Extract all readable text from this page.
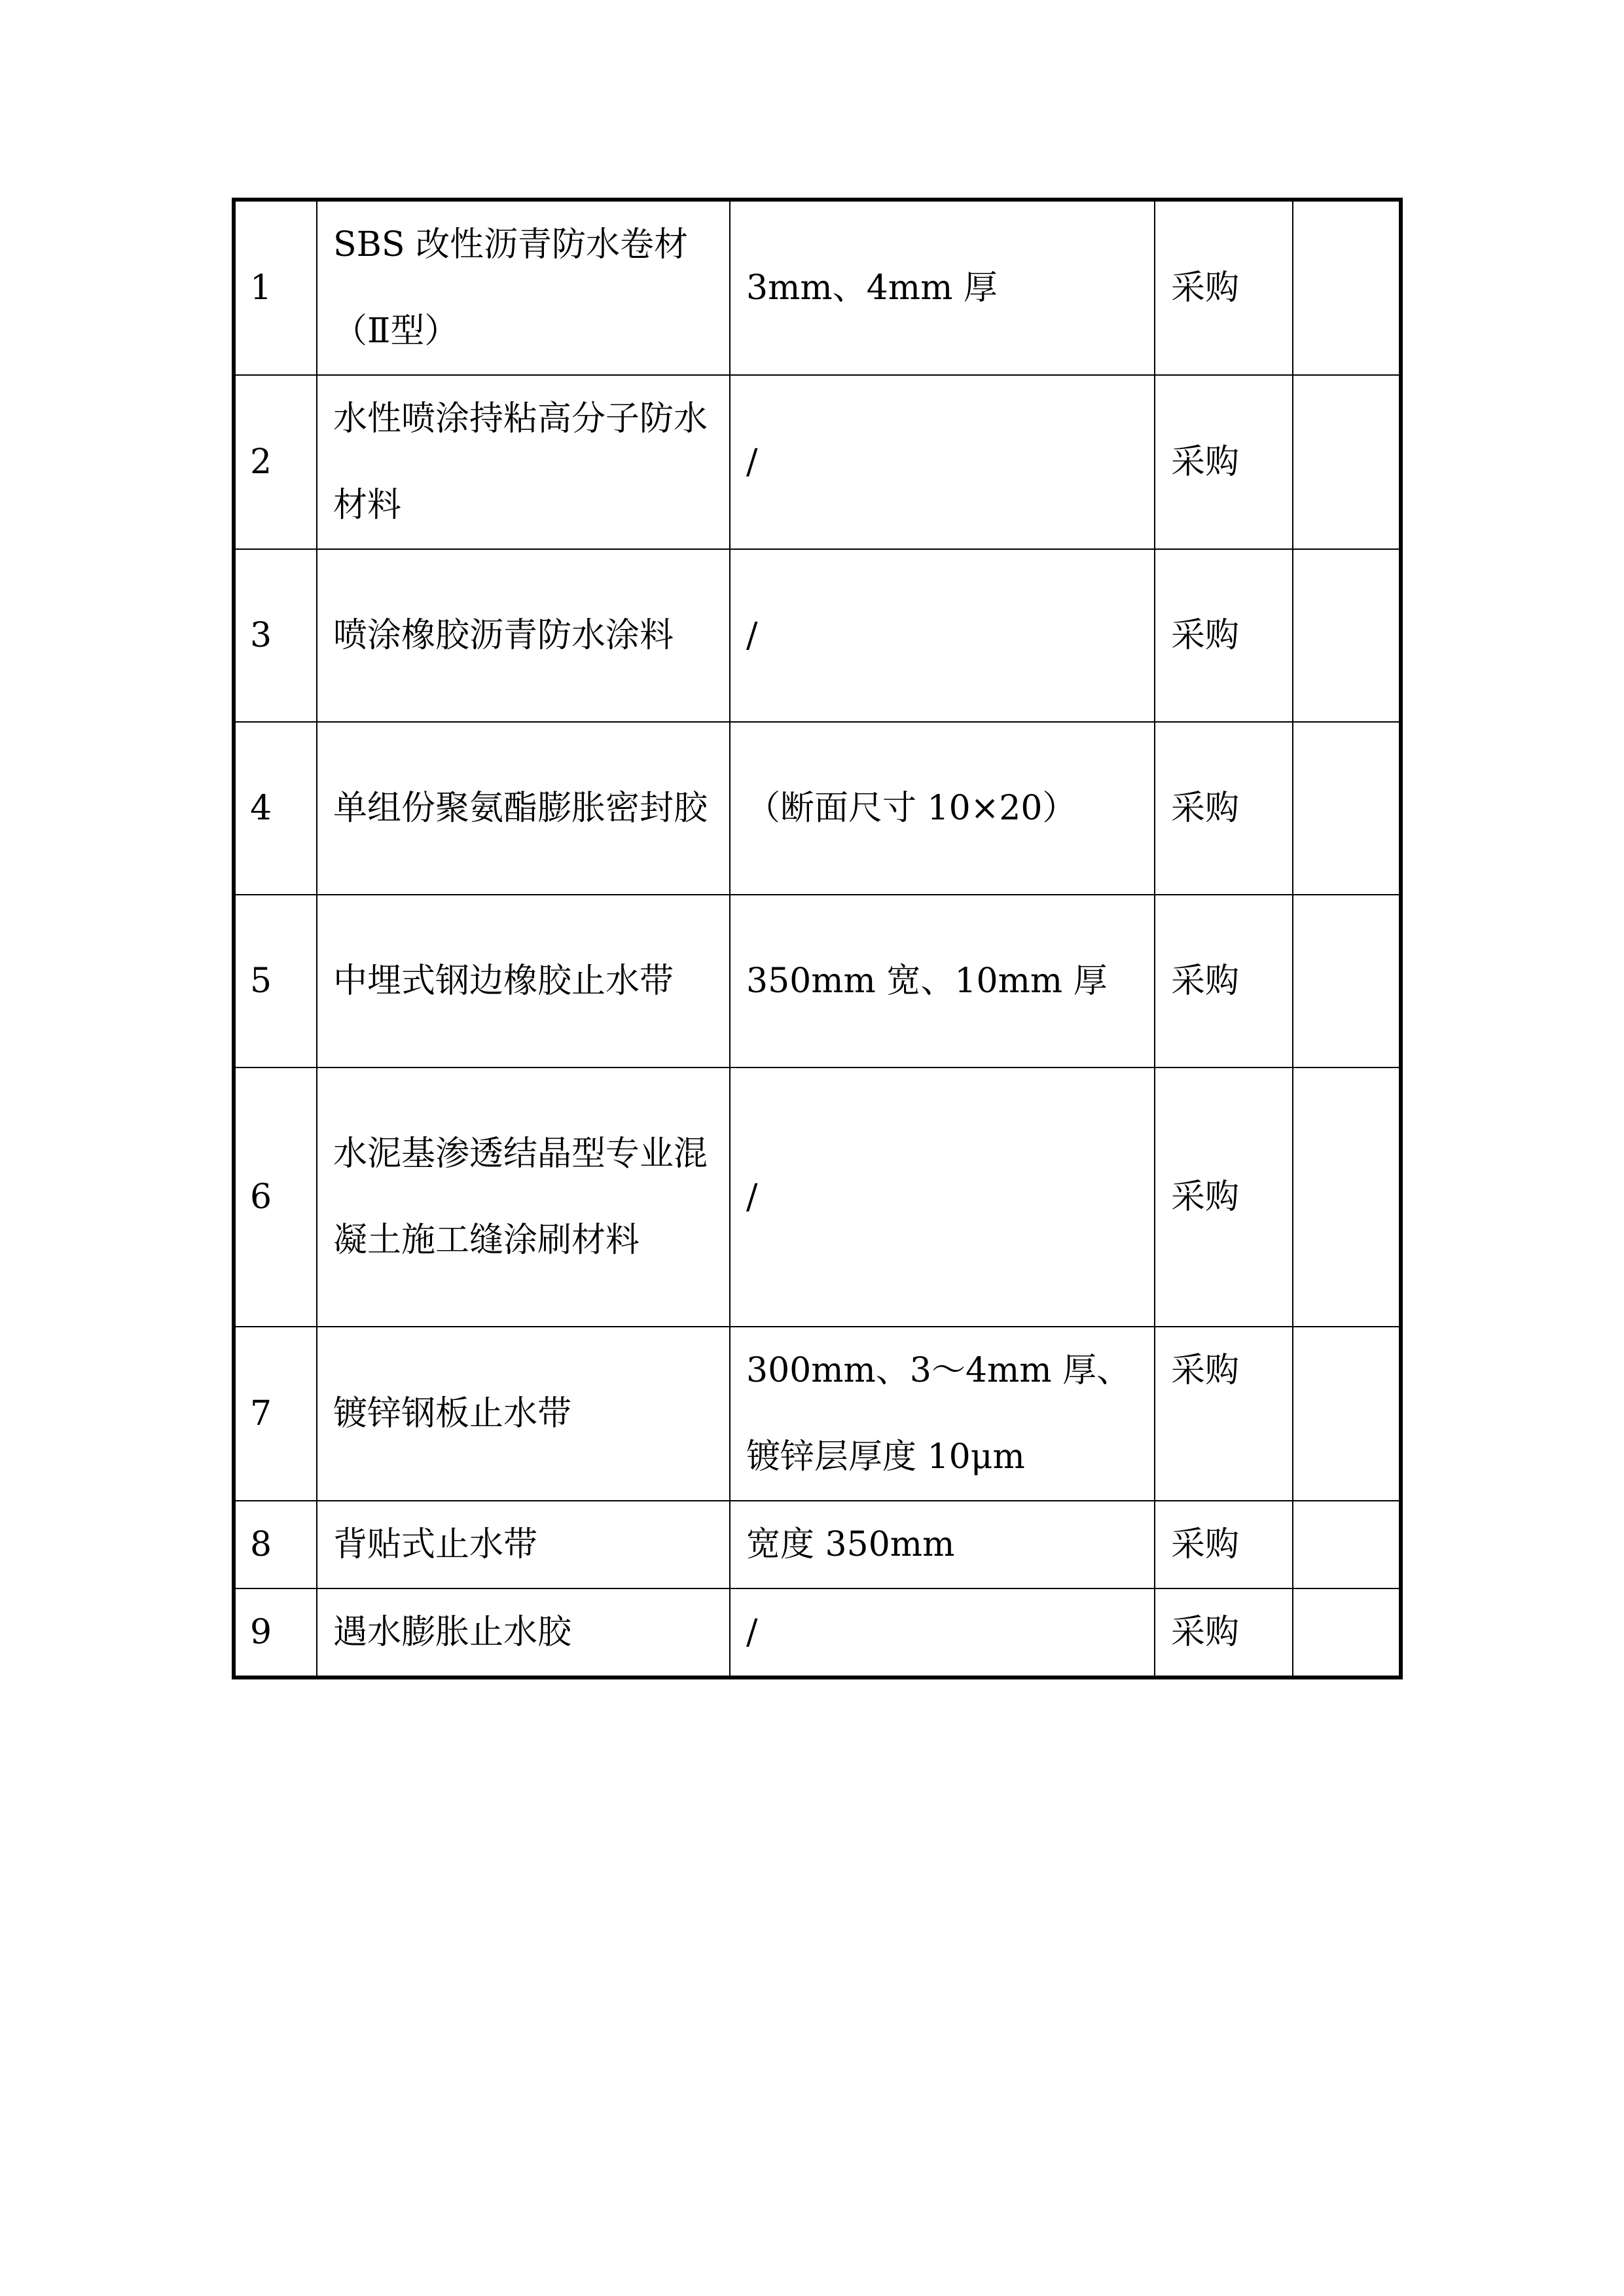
1	SBS 改性沥青防水卷材（Ⅱ型）	3mm、4mm 厚	采购	
2	水性喷涂持粘高分子防水材料	/	采购	
3	喷涂橡胶沥青防水涂料	/	采购	
4	单组份聚氨酯膨胀密封胶	（断面尺寸 10×20）	采购	
5	中埋式钢边橡胶止水带	350mm 宽、10mm 厚	采购	
6	水泥基渗透结晶型专业混凝土施工缝涂刷材料	/	采购	
7	镀锌钢板止水带	300mm、3～4mm 厚、镀锌层厚度 10μm	采购	
8	背贴式止水带	宽度 350mm	采购	
9	遇水膨胀止水胶	/	采购	
